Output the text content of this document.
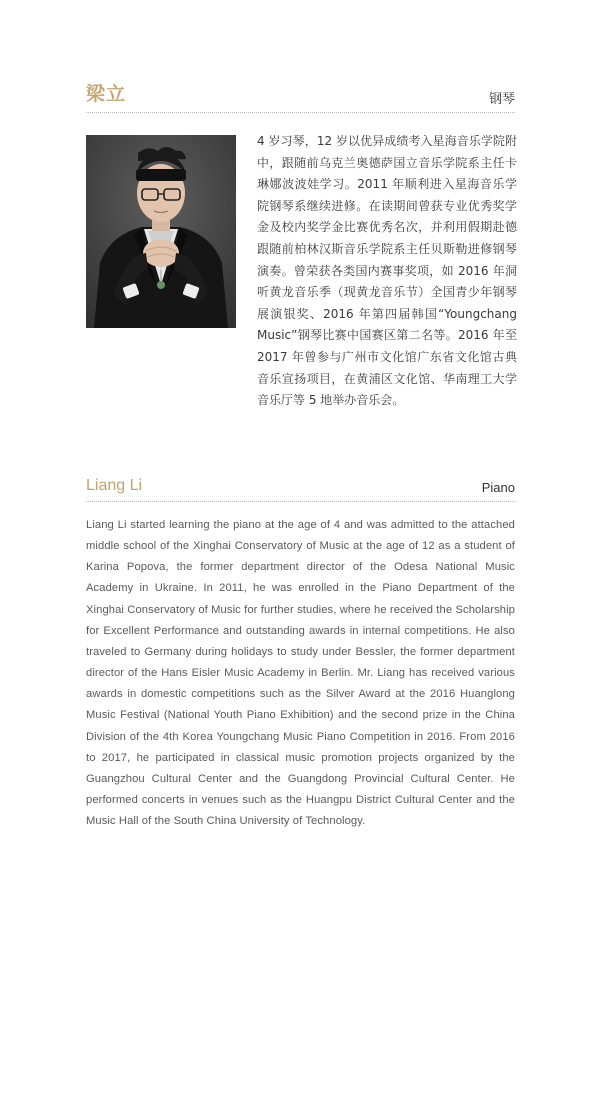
梁立	钢琴

4 岁习琴，12 岁以优异成绩考入星海音乐学院附中，跟随前乌克兰奥德萨国立音乐学院系主任卡琳娜波波娃学习。2011 年顺利进入星海音乐学院钢琴系继续进修。在读期间曾获专业优秀奖学金及校内奖学金比赛优秀名次，并利用假期赴德跟随前柏林汉斯音乐学院系主任贝斯勒进修钢琴演奏。曾荣获各类国内赛事奖项，如 2016 年洞听黄龙音乐季（现黄龙音乐节）全国青少年钢琴展演银奖、2016 年第四届韩国“Youngchang Music”钢琴比赛中国赛区第二名等。2016 年至 2017 年曾参与广州市文化馆广东省文化馆古典音乐宣扬项目，在黄浦区文化馆、华南理工大学音乐厅等 5 地举办音乐会。

Liang Li	Piano

Liang Li started learning the piano at the age of 4 and was admitted to the attached middle school of the Xinghai Conservatory of Music at the age of 12 as a student of Karina Popova, the former department director of the Odesa National Music Academy in Ukraine. In 2011, he was enrolled in the Piano Department of the Xinghai Conservatory of Music for further studies, where he received the Scholarship for Excellent Performance and outstanding awards in internal competitions. He also traveled to Germany during holidays to study under Bessler, the former department director of the Hans Eisler Music Academy in Berlin. Mr. Liang has received various awards in domestic competitions such as the Silver Award at the 2016 Huanglong Music Festival (National Youth Piano Exhibition) and the second prize in the China Division of the 4th Korea Youngchang Music Piano Competition in 2016. From 2016 to 2017, he participated in classical music promotion projects organized by the Guangzhou Cultural Center and the Guangdong Provincial Cultural Center. He performed concerts in venues such as the Huangpu District Cultural Center and the Music Hall of the South China University of Technology.
